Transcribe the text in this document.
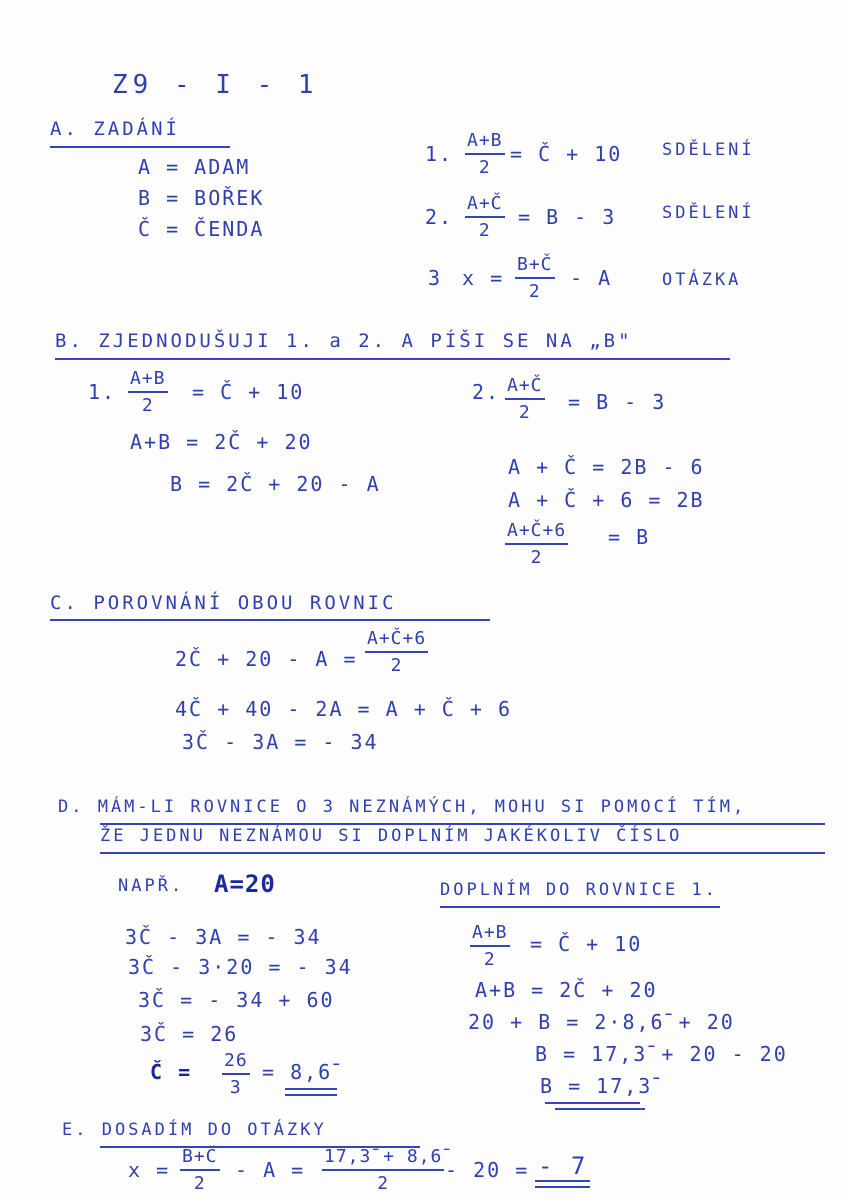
Z9 - I - 1
A. ZADÁNÍ
A = ADAM
B = BOŘEK
Č = ČENDA
1.
A+B
2
= Č + 10 SDĚLENÍ
2.
A+Č
2
= B - 3	SDĚLENÍ
3 x =
B+Č
2
- A	OTÁZKA
B. ZJEDNODUŠUJI 1. a 2. A PÍŠI SE NA „B"
1.
A+B
2
= Č + 10
A+B = 2Č + 20
B = 2Č + 20 - A
2. A+Č
2 = B - 3
A + Č = 2B - 6
A + Č + 6 = 2B
A+Č+6
2
= B
C. POROVNÁNÍ OBOU ROVNIC
2Č + 20 - A =
A+Č+6
2
4Č + 40 - 2A = A + Č + 6
3Č - 3A = - 34
D. MÁM-LI ROVNICE O 3 NEZNÁMÝCH, MOHU SI POMOCÍ TÍM,
ŽE JEDNU NEZNÁMOU SI DOPLNÍM JAKÉKOLIV ČÍSLO
NAPŘ. A=20
3Č - 3A = - 34
3Č - 3·20 = - 34
3Č = - 34 + 60
3Č = 26
Č = 26
3
= 8,6̄
DOPLNÍM DO ROVNICE 1.
A+B
2
= Č + 10
A+B = 2Č + 20
20 + B = 2·8,6̄ + 20
B = 17,3̄ + 20 - 20
B = 17,3̄
E. DOSADÍM DO OTÁZKY
x =
B+Č
2
- A =
17,3̄ + 8,6̄
2
- 20 = - 7
